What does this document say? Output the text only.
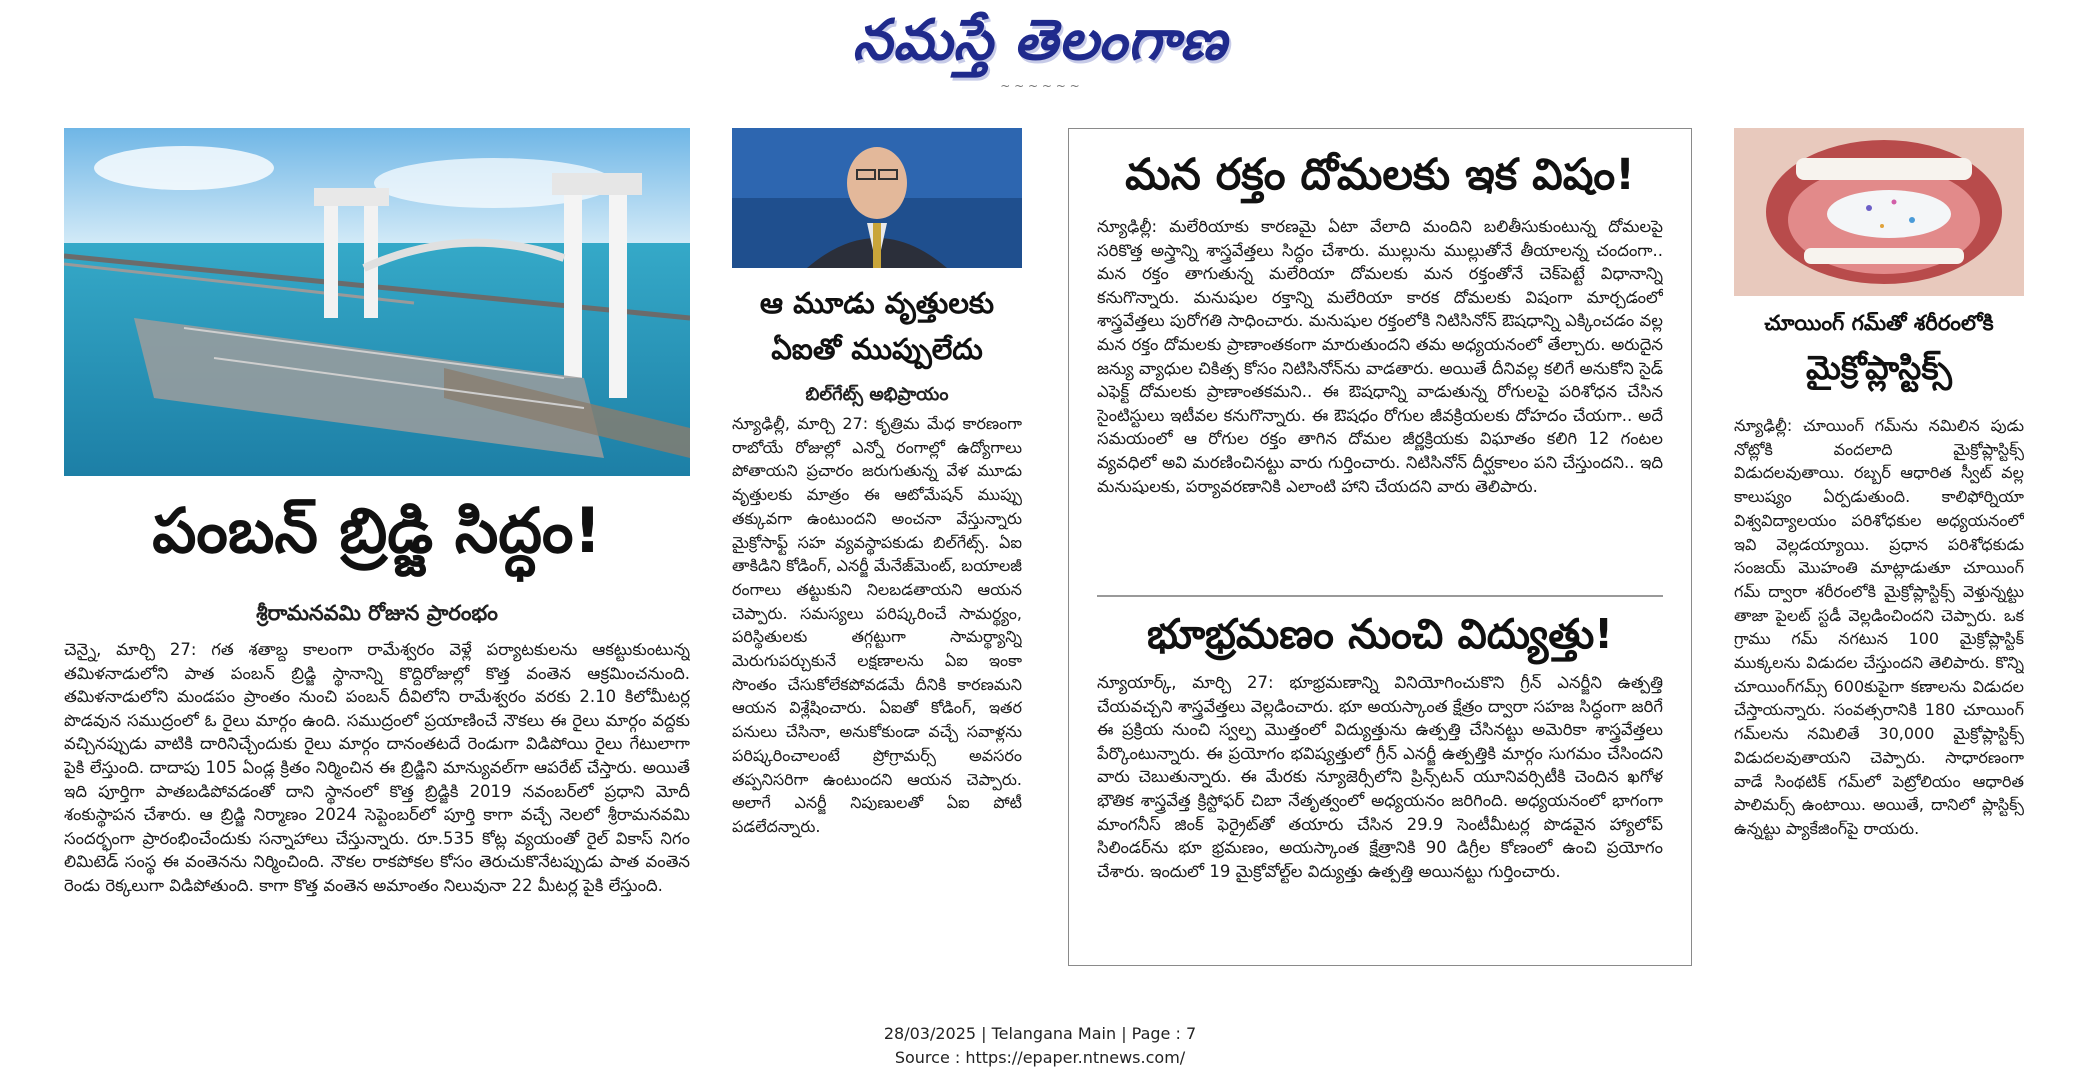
నమస్తే తెలంగాణ
~ ~ ~ ~ ~ ~
పంబన్ బ్రిడ్జి సిద్ధం!
శ్రీరామనవమి రోజున ప్రారంభం
చెన్నై, మార్చి 27: గత శతాబ్ద కాలంగా రామేశ్వరం వెళ్లే పర్యాటకులను ఆకట్టుకుంటున్న తమిళనాడులోని పాత పంబన్ బ్రిడ్జి స్థానాన్ని కొద్దిరోజుల్లో కొత్త వంతెన ఆక్రమించనుంది. తమిళనాడులోని మండపం ప్రాంతం నుంచి పంబన్ దీవిలోని రామేశ్వరం వరకు 2.10 కిలోమీటర్ల పొడవున సముద్రంలో ఓ రైలు మార్గం ఉంది. సముద్రంలో ప్రయాణించే నౌకలు ఈ రైలు మార్గం వద్దకు వచ్చినప్పుడు వాటికి దారినిచ్చేందుకు రైలు మార్గం దానంతటదే రెండుగా విడిపోయి రైలు గేటులాగా పైకి లేస్తుంది. దాదాపు 105 ఏండ్ల క్రితం నిర్మించిన ఈ బ్రిడ్జిని మాన్యువల్‌గా ఆపరేట్ చేస్తారు. అయితే ఇది పూర్తిగా పాతబడిపోవడంతో దాని స్థానంలో కొత్త బ్రిడ్జికి 2019 నవంబర్‌లో ప్రధాని మోదీ శంకుస్థాపన చేశారు. ఆ బ్రిడ్జి నిర్మాణం 2024 సెప్టెంబర్‌లో పూర్తి కాగా వచ్చే నెలలో శ్రీరామనవమి సందర్భంగా ప్రారంభించేందుకు సన్నాహాలు చేస్తున్నారు. రూ.535 కోట్ల వ్యయంతో రైల్ వికాస్ నిగం లిమిటెడ్ సంస్థ ఈ వంతెనను నిర్మించింది. నౌకల రాకపోకల కోసం తెరుచుకొనేటప్పుడు పాత వంతెన రెండు రెక్కలుగా విడిపోతుంది. కాగా కొత్త వంతెన అమాంతం నిలువునా 22 మీటర్ల పైకి లేస్తుంది.
ఆ మూడు వృత్తులకు
ఏఐతో ముప్పులేదు
బిల్‌గేట్స్ అభిప్రాయం
న్యూఢిల్లీ, మార్చి 27: కృత్రిమ మేధ కారణంగా రాబోయే రోజుల్లో ఎన్నో రంగాల్లో ఉద్యోగాలు పోతాయని ప్రచారం జరుగుతున్న వేళ మూడు వృత్తులకు మాత్రం ఈ ఆటోమేషన్ ముప్పు తక్కువగా ఉంటుందని అంచనా వేస్తున్నారు మైక్రోసాఫ్ట్ సహ వ్యవస్థాపకుడు బిల్‌గేట్స్. ఏఐ తాకిడిని కోడింగ్, ఎనర్జీ మేనేజ్‌మెంట్, బయాలజీ రంగాలు తట్టుకుని నిలబడతాయని ఆయన చెప్పారు. సమస్యలు పరిష్కరించే సామర్థ్యం, పరిస్థితులకు తగ్గట్టుగా సామర్థ్యాన్ని మెరుగుపర్చుకునే లక్షణాలను ఏఐ ఇంకా సొంతం చేసుకోలేకపోవడమే దీనికి కారణమని ఆయన విశ్లేషించారు. ఏఐతో కోడింగ్, ఇతర పనులు చేసినా, అనుకోకుండా వచ్చే సవాళ్లను పరిష్కరించాలంటే ప్రోగ్రామర్స్ అవసరం తప్పనిసరిగా ఉంటుందని ఆయన చెప్పారు. అలాగే ఎనర్జీ నిపుణులతో ఏఐ పోటీ పడలేదన్నారు.
మన రక్తం దోమలకు ఇక విషం!
న్యూఢిల్లీ: మలేరియాకు కారణమై ఏటా వేలాది మందిని బలితీసుకుంటున్న దోమలపై సరికొత్త అస్త్రాన్ని శాస్త్రవేత్తలు సిద్ధం చేశారు. ముల్లును ముల్లుతోనే తీయాలన్న చందంగా.. మన రక్తం తాగుతున్న మలేరియా దోమలకు మన రక్తంతోనే చెక్‌పెట్టే విధానాన్ని కనుగొన్నారు. మనుషుల రక్తాన్ని మలేరియా కారక దోమలకు విషంగా మార్చడంలో శాస్త్రవేత్తలు పురోగతి సాధించారు. మనుషుల రక్తంలోకి నిటిసినోన్ ఔషధాన్ని ఎక్కించడం వల్ల మన రక్తం దోమలకు ప్రాణాంతకంగా మారుతుందని తమ అధ్యయనంలో తేల్చారు. అరుదైన జన్యు వ్యాధుల చికిత్స కోసం నిటిసినోన్‌ను వాడతారు. అయితే దీనివల్ల కలిగే అనుకోని సైడ్ ఎఫెక్ట్ దోమలకు ప్రాణాంతకమని.. ఈ ఔషధాన్ని వాడుతున్న రోగులపై పరిశోధన చేసిన సైంటిస్టులు ఇటీవల కనుగొన్నారు. ఈ ఔషధం రోగుల జీవక్రియలకు దోహదం చేయగా.. అదే సమయంలో ఆ రోగుల రక్తం తాగిన దోమల జీర్ణక్రియకు విఘాతం కలిగి 12 గంటల వ్యవధిలో అవి మరణించినట్టు వారు గుర్తించారు. నిటిసినోన్ దీర్ఘకాలం పని చేస్తుందని.. ఇది మనుషులకు, పర్యావరణానికి ఎలాంటి హాని చేయదని వారు తెలిపారు.
భూభ్రమణం నుంచి విద్యుత్తు!
న్యూయార్క్, మార్చి 27: భూభ్రమణాన్ని వినియోగించుకొని గ్రీన్ ఎనర్జీని ఉత్పత్తి చేయవచ్చని శాస్త్రవేత్తలు వెల్లడించారు. భూ అయస్కాంత క్షేత్రం ద్వారా సహజ సిద్ధంగా జరిగే ఈ ప్రక్రియ నుంచి స్వల్ప మొత్తంలో విద్యుత్తును ఉత్పత్తి చేసినట్టు అమెరికా శాస్త్రవేత్తలు పేర్కొంటున్నారు. ఈ ప్రయోగం భవిష్యత్తులో గ్రీన్ ఎనర్జీ ఉత్పత్తికి మార్గం సుగమం చేసిందని వారు చెబుతున్నారు. ఈ మేరకు న్యూజెర్సీలోని ప్రిన్స్‌టన్ యూనివర్సిటీకి చెందిన ఖగోళ భౌతిక శాస్త్రవేత్త క్రిస్టోఫర్ చిబా నేతృత్వంలో అధ్యయనం జరిగింది. అధ్యయనంలో భాగంగా మాంగనీస్ జింక్ ఫెర్రైట్‌తో తయారు చేసిన 29.9 సెంటీమీటర్ల పొడవైన హ్యాలోప్ సిలిండర్‌ను భూ భ్రమణం, అయస్కాంత క్షేత్రానికి 90 డిగ్రీల కోణంలో ఉంచి ప్రయోగం చేశారు. ఇందులో 19 మైక్రోవోల్ట్‌ల విద్యుత్తు ఉత్పత్తి అయినట్టు గుర్తించారు.
చూయింగ్ గమ్‌తో శరీరంలోకి
మైక్రోప్లాస్టిక్స్
న్యూఢిల్లీ: చూయింగ్ గమ్‌ను నమిలిన పుడు నోట్లోకి వందలాది మైక్రోప్లాస్టిక్స్ విడుదలవుతాయి. రబ్బర్ ఆధారిత స్వీట్ వల్ల కాలుష్యం ఏర్పడుతుంది. కాలిఫోర్నియా విశ్వవిద్యాలయం పరిశోధకుల అధ్యయనంలో ఇవి వెల్లడయ్యాయి. ప్రధాన పరిశోధకుడు సంజయ్ మొహంతి మాట్లాడుతూ చూయింగ్ గమ్ ద్వారా శరీరంలోకి మైక్రోప్లాస్టిక్స్ వెళ్తున్నట్టు తాజా పైలట్ స్టడీ వెల్లడించిందని చెప్పారు. ఒక గ్రాము గమ్ నగటున 100 మైక్రోప్లాస్టిక్ ముక్కలను విడుదల చేస్తుందని తెలిపారు. కొన్ని చూయింగ్‌గమ్స్ 600కుపైగా కణాలను విడుదల చేస్తాయన్నారు. సంవత్సరానికి 180 చూయింగ్ గమ్‌లను నమిలితే 30,000 మైక్రోప్లాస్టిక్స్ విడుదలవుతాయని చెప్పారు. సాధారణంగా వాడే సింథటిక్ గమ్‌లో పెట్రోలియం ఆధారిత పాలిమర్స్ ఉంటాయి. అయితే, దానిలో ప్లాస్టిక్స్ ఉన్నట్టు ప్యాకేజింగ్‌పై రాయరు.
28/03/2025 | Telangana Main | Page : 7
Source : https://epaper.ntnews.com/
